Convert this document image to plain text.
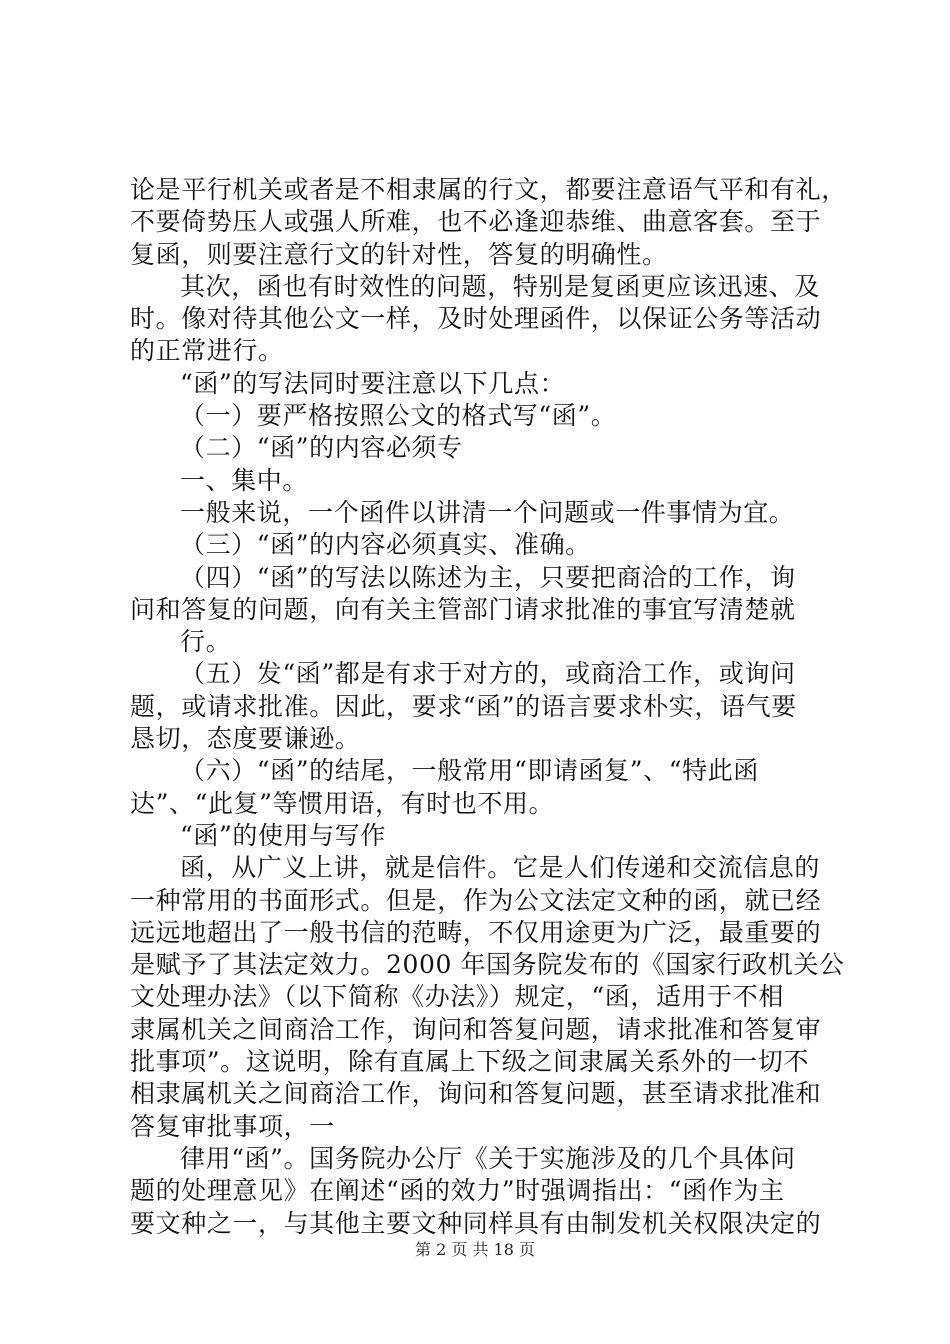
论是平行机关或者是不相隶属的行文，都要注意语气平和有礼，
不要倚势压人或强人所难，也不必逢迎恭维、曲意客套。至于
复函，则要注意行文的针对性，答复的明确性。
其次，函也有时效性的问题，特别是复函更应该迅速、及
时。像对待其他公文一样，及时处理函件，以保证公务等活动
的正常进行。
“函”的写法同时要注意以下几点：
（一）要严格按照公文的格式写“函”。
（二）“函”的内容必须专
一、集中。
一般来说，一个函件以讲清一个问题或一件事情为宜。
（三）“函”的内容必须真实、准确。
（四）“函”的写法以陈述为主，只要把商洽的工作，询
问和答复的问题，向有关主管部门请求批准的事宜写清楚就
行。
（五）发“函”都是有求于对方的，或商洽工作，或询问
题，或请求批准。因此，要求“函”的语言要求朴实，语气要
恳切，态度要谦逊。
（六）“函”的结尾，一般常用“即请函复”、“特此函
达”、“此复”等惯用语，有时也不用。
“函”的使用与写作
函，从广义上讲，就是信件。它是人们传递和交流信息的
一种常用的书面形式。但是，作为公文法定文种的函，就已经
远远地超出了一般书信的范畴，不仅用途更为广泛，最重要的
是赋予了其法定效力。2000 年国务院发布的《国家行政机关公
文处理办法》（以下简称《办法》）规定，“函，适用于不相
隶属机关之间商洽工作，询问和答复问题，请求批准和答复审
批事项”。这说明，除有直属上下级之间隶属关系外的一切不
相隶属机关之间商洽工作，询问和答复问题，甚至请求批准和
答复审批事项，一
律用“函”。国务院办公厅《关于实施涉及的几个具体问
题的处理意见》在阐述“函的效力”时强调指出：“函作为主
要文种之一，与其他主要文种同样具有由制发机关权限决定的
第 2 页 共 18 页
